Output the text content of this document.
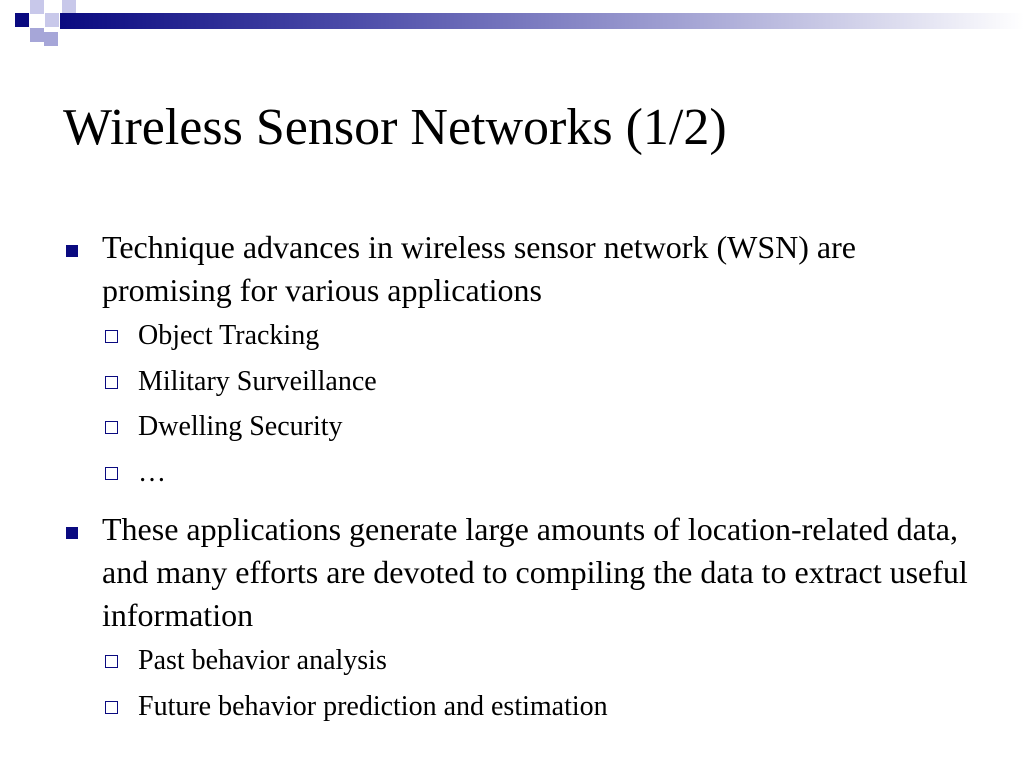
Wireless Sensor Networks (1/2)
Technique advances in wireless sensor network (WSN) are promising for various applications
Object Tracking
Military Surveillance
Dwelling Security
…
These applications generate large amounts of location-related data, and many efforts are devoted to compiling the data to extract useful information
Past behavior analysis
Future behavior prediction and estimation
